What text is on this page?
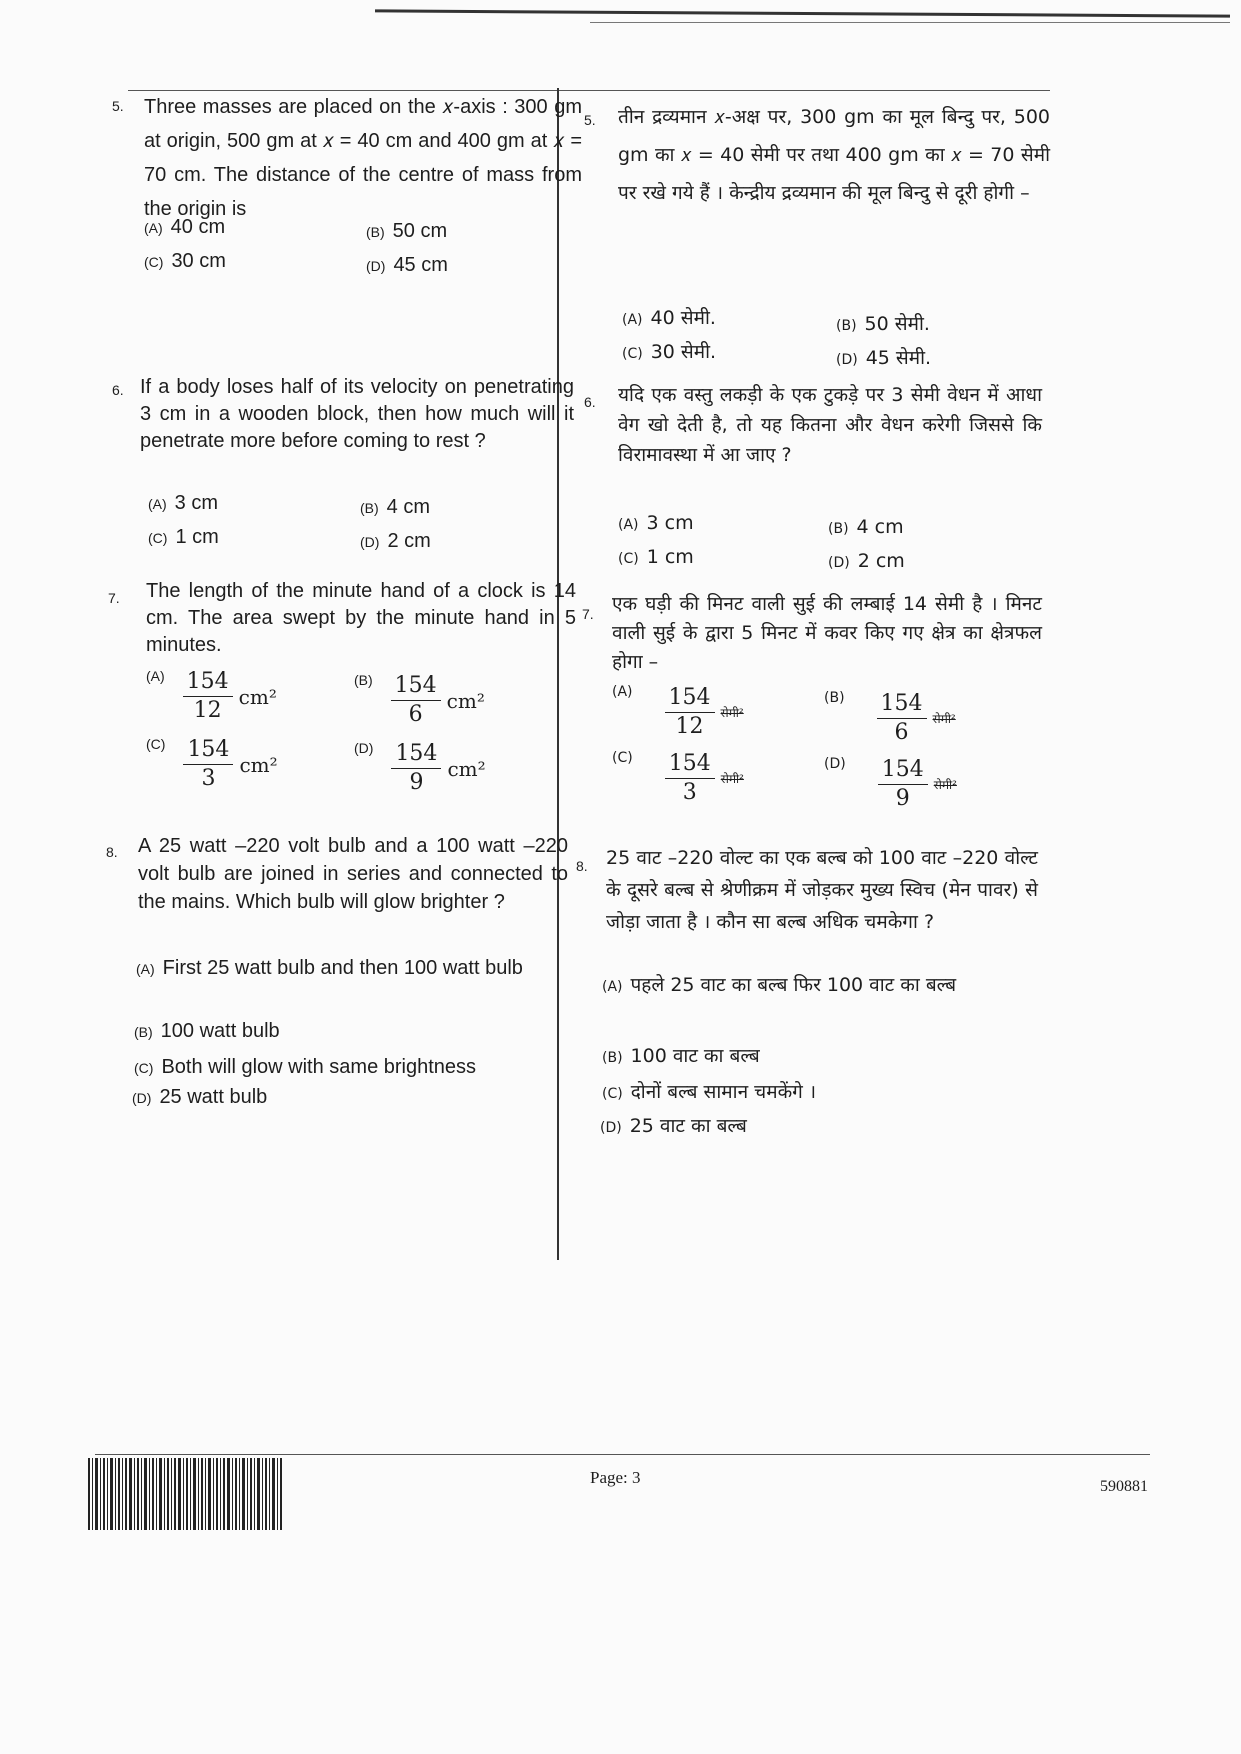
5. Three masses are placed on the 𝑥-axis : 300 gm at origin, 500 gm at 𝑥 = 40 cm and 400 gm at 𝑥 = 70 cm. The distance of the centre of mass from the origin is
(A) 40 cm	(B) 50 cm
(C) 30 cm	(D) 45 cm
6. If a body loses half of its velocity on penetrating 3 cm in a wooden block, then how much will it penetrate more before coming to rest ?
(A) 3 cm	(B) 4 cm
(C) 1 cm	(D) 2 cm
7. The length of the minute hand of a clock is 14 cm. The area swept by the minute hand in 5 minutes.
$^{(A)} \frac{154}{12} cm^2$
$^{(B)} \frac{154}{6} cm^2$
$^{(C)} \frac{154}{3} cm^2$
$^{(D)} \frac{154}{9} cm^2$
8. A 25 watt –220 volt bulb and a 100 watt –220 volt bulb are joined in series and connected to the mains. Which bulb will glow brighter ?
(A) First 25 watt bulb and then 100 watt bulb
(B) 100 watt bulb
(C) Both will glow with same brightness
(D) 25 watt bulb
5. तीन द्रव्यमान 𝑥-अक्ष पर, 300 gm का मूल बिन्दु पर, 500 gm का 𝑥 = 40 सेमी पर तथा 400 gm का 𝑥 = 70 सेमी पर रखे गये हैं । केन्द्रीय द्रव्यमान की मूल बिन्दु से दूरी होगी –
(A) 40 सेमी.	(B) 50 सेमी.
(C) 30 सेमी.	(D) 45 सेमी.
6. यदि एक वस्तु लकड़ी के एक टुकड़े पर 3 सेमी वेधन में आधा वेग खो देती है, तो यह कितना और वेधन करेगी जिससे कि विरामावस्था में आ जाए ?
(A) 3 cm	(B) 4 cm
(C) 1 cm	(D) 2 cm
7. एक घड़ी की मिनट वाली सुई की लम्बाई 14 सेमी है । मिनट वाली सुई के द्वारा 5 मिनट में कवर किए गए क्षेत्र का क्षेत्रफल होगा –
$^{(A)} \frac{154}{12}$ सेमी²
$^{(B)} \frac{154}{6}$ सेमी²
$^{(C)} \frac{154}{3}$ सेमी²
$^{(D)} \frac{154}{9}$ सेमी²
8. 25 वाट –220 वोल्ट का एक बल्ब को 100 वाट –220 वोल्ट के दूसरे बल्ब से श्रेणीक्रम में जोड़कर मुख्य स्विच (मेन पावर) से जोड़ा जाता है । कौन सा बल्ब अधिक चमकेगा ?
(A) पहले 25 वाट का बल्ब फिर 100 वाट का बल्ब
(B) 100 वाट का बल्ब
(C) दोनों बल्ब सामान चमकेंगे ।
(D) 25 वाट का बल्ब
Page: 3	590881
